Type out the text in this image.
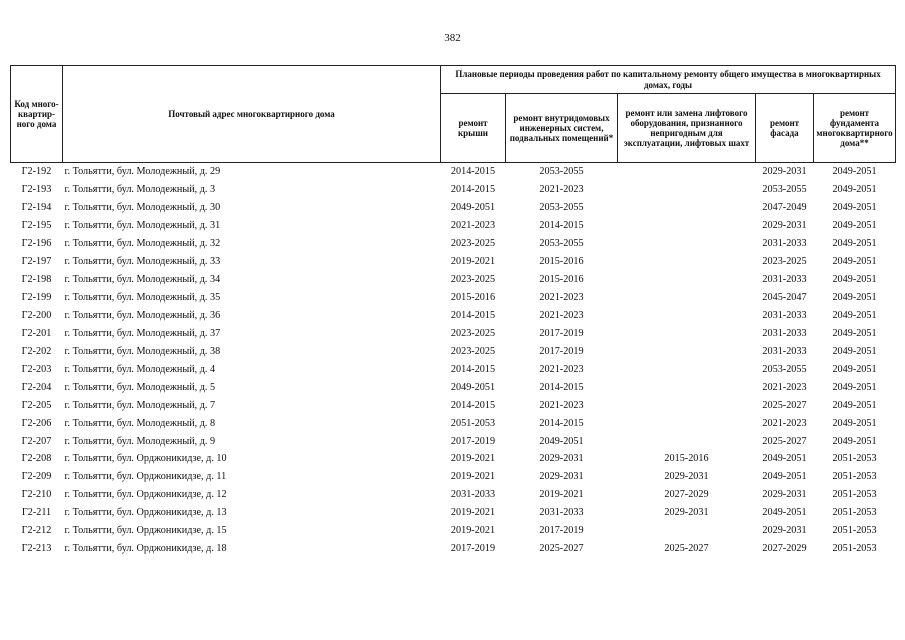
382
Код много-квартир-ного дома	Почтовый адрес многоквартирного дома	Плановые периоды проведения работ по капитальному ремонту общего имущества в многоквартирных домах, годы				
		ремонт крыши	ремонт внутридомовых инженерных систем, подвальных помещений*	ремонт или замена лифтового оборудования, признанного непригодным для эксплуатации, лифтовых шахт	ремонт фасада	ремонт фундамента многоквартирного дома**
Г2-192	г. Тольятти, бул. Молодежный, д. 29	2014-2015	2053-2055		2029-2031	2049-2051
Г2-193	г. Тольятти, бул. Молодежный, д. 3	2014-2015	2021-2023		2053-2055	2049-2051
Г2-194	г. Тольятти, бул. Молодежный, д. 30	2049-2051	2053-2055		2047-2049	2049-2051
Г2-195	г. Тольятти, бул. Молодежный, д. 31	2021-2023	2014-2015		2029-2031	2049-2051
Г2-196	г. Тольятти, бул. Молодежный, д. 32	2023-2025	2053-2055		2031-2033	2049-2051
Г2-197	г. Тольятти, бул. Молодежный, д. 33	2019-2021	2015-2016		2023-2025	2049-2051
Г2-198	г. Тольятти, бул. Молодежный, д. 34	2023-2025	2015-2016		2031-2033	2049-2051
Г2-199	г. Тольятти, бул. Молодежный, д. 35	2015-2016	2021-2023		2045-2047	2049-2051
Г2-200	г. Тольятти, бул. Молодежный, д. 36	2014-2015	2021-2023		2031-2033	2049-2051
Г2-201	г. Тольятти, бул. Молодежный, д. 37	2023-2025	2017-2019		2031-2033	2049-2051
Г2-202	г. Тольятти, бул. Молодежный, д. 38	2023-2025	2017-2019		2031-2033	2049-2051
Г2-203	г. Тольятти, бул. Молодежный, д. 4	2014-2015	2021-2023		2053-2055	2049-2051
Г2-204	г. Тольятти, бул. Молодежный, д. 5	2049-2051	2014-2015		2021-2023	2049-2051
Г2-205	г. Тольятти, бул. Молодежный, д. 7	2014-2015	2021-2023		2025-2027	2049-2051
Г2-206	г. Тольятти, бул. Молодежный, д. 8	2051-2053	2014-2015		2021-2023	2049-2051
Г2-207	г. Тольятти, бул. Молодежный, д. 9	2017-2019	2049-2051		2025-2027	2049-2051
Г2-208	г. Тольятти, бул. Орджоникидзе, д. 10	2019-2021	2029-2031	2015-2016	2049-2051	2051-2053
Г2-209	г. Тольятти, бул. Орджоникидзе, д. 11	2019-2021	2029-2031	2029-2031	2049-2051	2051-2053
Г2-210	г. Тольятти, бул. Орджоникидзе, д. 12	2031-2033	2019-2021	2027-2029	2029-2031	2051-2053
Г2-211	г. Тольятти, бул. Орджоникидзе, д. 13	2019-2021	2031-2033	2029-2031	2049-2051	2051-2053
Г2-212	г. Тольятти, бул. Орджоникидзе, д. 15	2019-2021	2017-2019		2029-2031	2051-2053
Г2-213	г. Тольятти, бул. Орджоникидзе, д. 18	2017-2019	2025-2027	2025-2027	2027-2029	2051-2053
